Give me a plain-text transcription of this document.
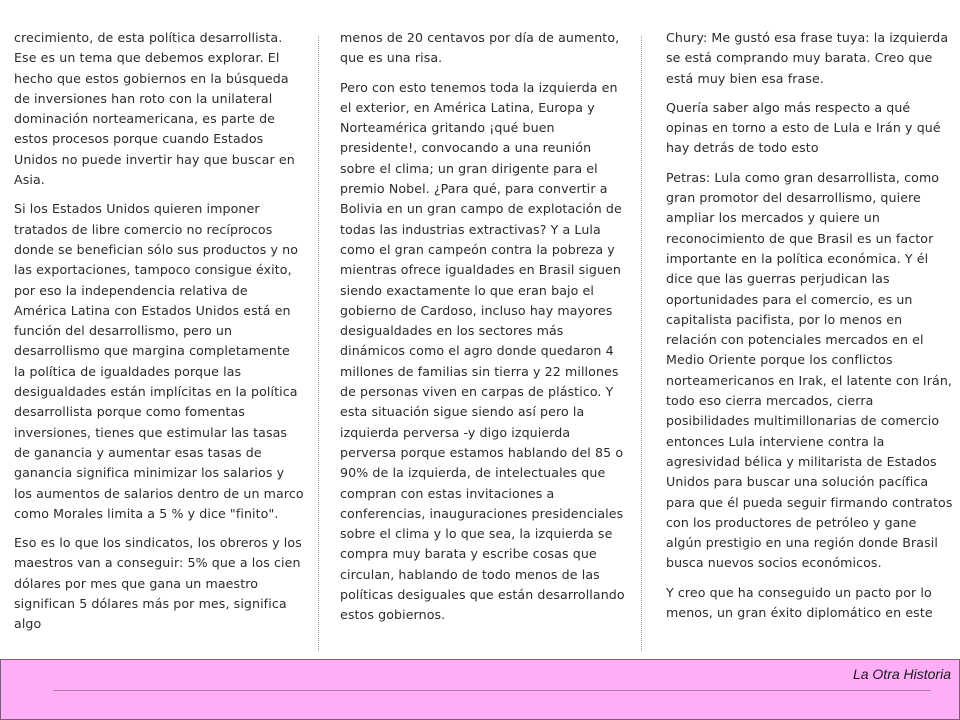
crecimiento, de esta política desarrollista. Ese es un tema que debemos explorar. El hecho que estos gobiernos en la búsqueda de inversiones han roto con la unilateral dominación norteamericana, es parte de estos procesos porque cuando Estados Unidos no puede invertir hay que buscar en Asia.

Si los Estados Unidos quieren imponer tratados de libre comercio no recíprocos donde se benefician sólo sus productos y no las exportaciones, tampoco consigue éxito, por eso la independencia relativa de América Latina con Estados Unidos está en función del desarrollismo, pero un desarrollismo que margina completamente la política de igualdades porque las desigualdades están implícitas en la política desarrollista porque como fomentas inversiones, tienes que estimular las tasas de ganancia y aumentar esas tasas de ganancia significa minimizar los salarios y los aumentos de salarios dentro de un marco como Morales limita a 5 % y dice "finito".

Eso es lo que los sindicatos, los obreros y los maestros van a conseguir: 5% que a los cien dólares por mes que gana un maestro significan 5 dólares más por mes, significa algo

menos de 20 centavos por día de aumento, que es una risa.

Pero con esto tenemos toda la izquierda en el exterior, en América Latina, Europa y Norteamérica gritando ¡qué buen presidente!, convocando a una reunión sobre el clima; un gran dirigente para el premio Nobel. ¿Para qué, para convertir a Bolivia en un gran campo de explotación de todas las industrias extractivas? Y a Lula como el gran campeón contra la pobreza y mientras ofrece igualdades en Brasil siguen siendo exactamente lo que eran bajo el gobierno de Cardoso, incluso hay mayores desigualdades en los sectores más dinámicos como el agro donde quedaron 4 millones de familias sin tierra y 22 millones de personas viven en carpas de plástico. Y esta situación sigue siendo así pero la izquierda perversa -y digo izquierda perversa porque estamos hablando del 85 o 90% de la izquierda, de intelectuales que compran con estas invitaciones a conferencias, inauguraciones presidenciales sobre el clima y lo que sea, la izquierda se compra muy barata y escribe cosas que circulan, hablando de todo menos de las políticas desiguales que están desarrollando estos gobiernos.

Chury: Me gustó esa frase tuya: la izquierda se está comprando muy barata. Creo que está muy bien esa frase.

Quería saber algo más respecto a qué opinas en torno a esto de Lula e Irán y qué hay detrás de todo esto

Petras: Lula como gran desarrollista, como gran promotor del desarrollismo, quiere ampliar los mercados y quiere un reconocimiento de que Brasil es un factor importante en la política económica. Y él dice que las guerras perjudican las oportunidades para el comercio, es un capitalista pacifista, por lo menos en relación con potenciales mercados en el Medio Oriente porque los conflictos norteamericanos en Irak, el latente con Irán, todo eso cierra mercados, cierra posibilidades multimillonarias de comercio entonces Lula interviene contra la agresividad bélica y militarista de Estados Unidos para buscar una solución pacífica para que él pueda seguir firmando contratos con los productores de petróleo y gane algún prestigio en una región donde Brasil busca nuevos socios económicos.

Y creo que ha conseguido un pacto por lo menos, un gran éxito diplomático en este

La Otra Historia
